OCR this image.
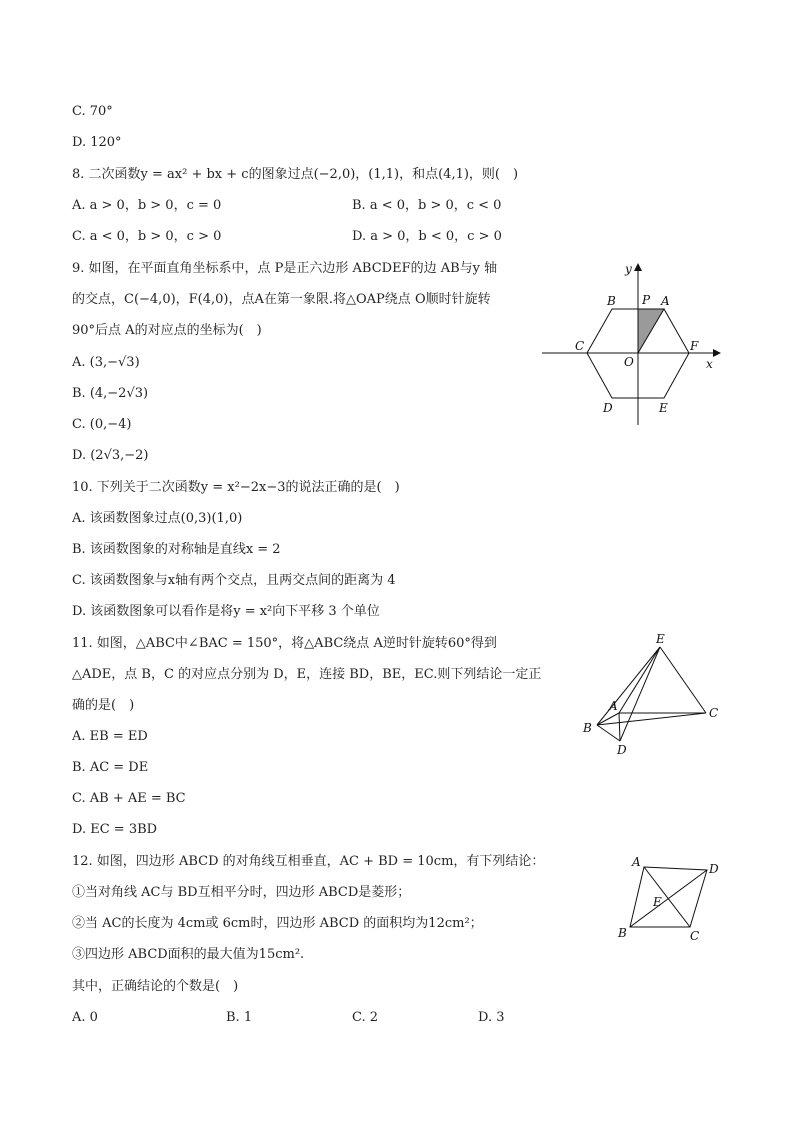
C. 70°
D. 120°
8. 二次函数y = ax² + bx + c的图象过点(−2,0)，(1,1)，和点(4,1)，则(　)
A. a > 0，b > 0，c = 0	B. a < 0，b > 0，c < 0
C. a < 0，b > 0，c > 0	D. a > 0，b < 0，c > 0
9. 如图，在平面直角坐标系中，点 P是正六边形 ABCDEF的边 AB与y 轴
的交点，C(−4,0)，F(4,0)，点A在第一象限.将△OAP绕点 O顺时针旋转
90°后点 A的对应点的坐标为(　)
A. (3,−√3)
B. (4,−2√3)
C. (0,−4)
D. (2√3,−2)
10. 下列关于二次函数y = x²−2x−3的说法正确的是(　)
A. 该函数图象过点(0,3)(1,0)
B. 该函数图象的对称轴是直线x = 2
C. 该函数图象与x轴有两个交点，且两交点间的距离为 4
D. 该函数图象可以看作是将y = x²向下平移 3 个单位
11. 如图，△ABC中∠BAC = 150°，将△ABC绕点 A逆时针旋转60°得到
△ADE，点 B，C 的对应点分别为 D，E，连接 BD，BE，EC.则下列结论一定正
确的是(　)
A. EB = ED
B. AC = DE
C. AB + AE = BC
D. EC = 3BD
12. 如图，四边形 ABCD 的对角线互相垂直，AC + BD = 10cm，有下列结论：
①当对角线 AC与 BD互相平分时，四边形 ABCD是菱形；
②当 AC的长度为 4cm或 6cm时，四边形 ABCD 的面积均为12cm²；
③四边形 ABCD面积的最大值为15cm².
其中，正确结论的个数是(　)
A. 0	B. 1	C. 2	D. 3
y
x
B P A
C
O
F
D	E
E
A	C
B
D
A	D
E
B	C
